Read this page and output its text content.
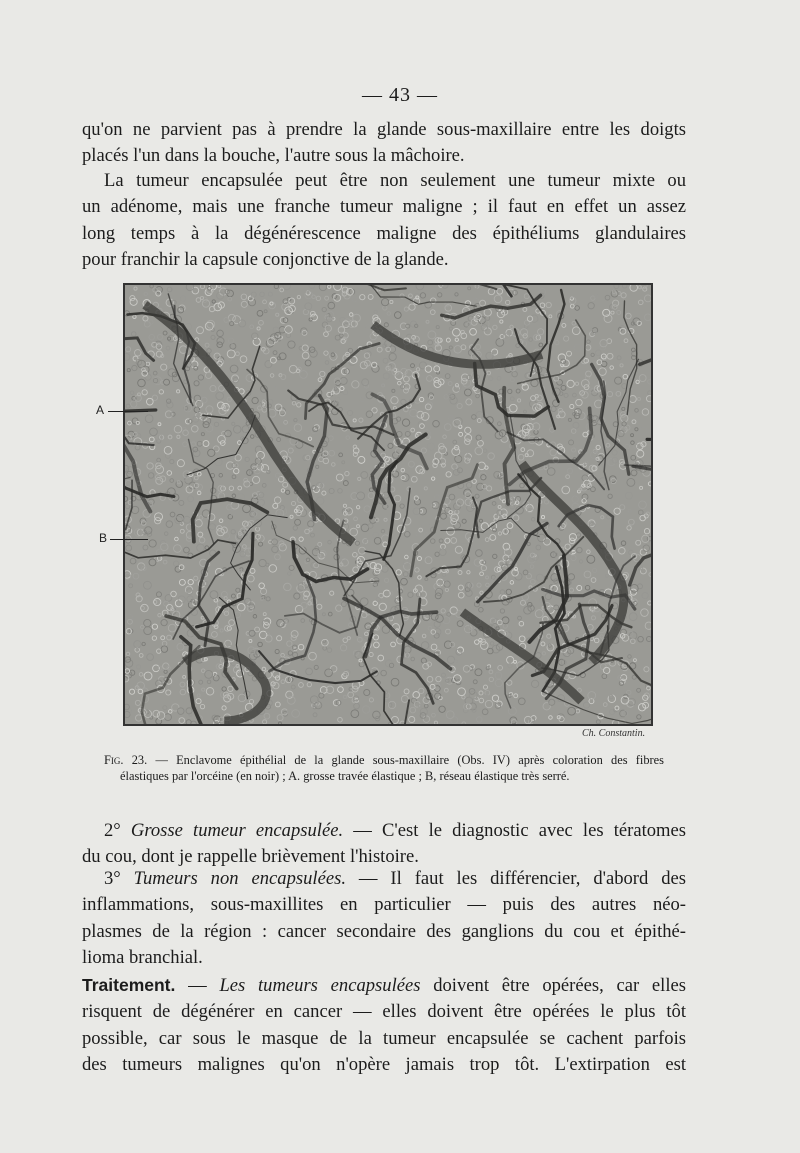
— 43 —

qu'on ne parvient pas à prendre la glande sous-maxillaire entre les doigts
placés l'un dans la bouche, l'autre sous la mâchoire.

La tumeur encapsulée peut être non seulement une tumeur mixte ou
un adénome, mais une franche tumeur maligne ; il faut en effet un assez
long temps à la dégénérescence maligne des épithéliums glandulaires
pour franchir la capsule conjonctive de la glande.

A
B
Ch. Constantin.
Fig. 23. — Enclavome épithélial de la glande sous-maxillaire (Obs. IV) après coloration des fibres
élastiques par l'orcéine (en noir) ; A. grosse travée élastique ; B, réseau élastique très serré.

2° Grosse tumeur encapsulée. — C'est le diagnostic avec les tératomes
du cou, dont je rappelle brièvement l'histoire.

3° Tumeurs non encapsulées. — Il faut les différencier, d'abord des
inflammations, sous-maxillites en particulier — puis des autres néo-
plasmes de la région : cancer secondaire des ganglions du cou et épithé-
lioma branchial.

Traitement. — Les tumeurs encapsulées doivent être opérées, car elles
risquent de dégénérer en cancer — elles doivent être opérées le plus tôt
possible, car sous le masque de la tumeur encapsulée se cachent parfois
des tumeurs malignes qu'on n'opère jamais trop tôt. L'extirpation est
